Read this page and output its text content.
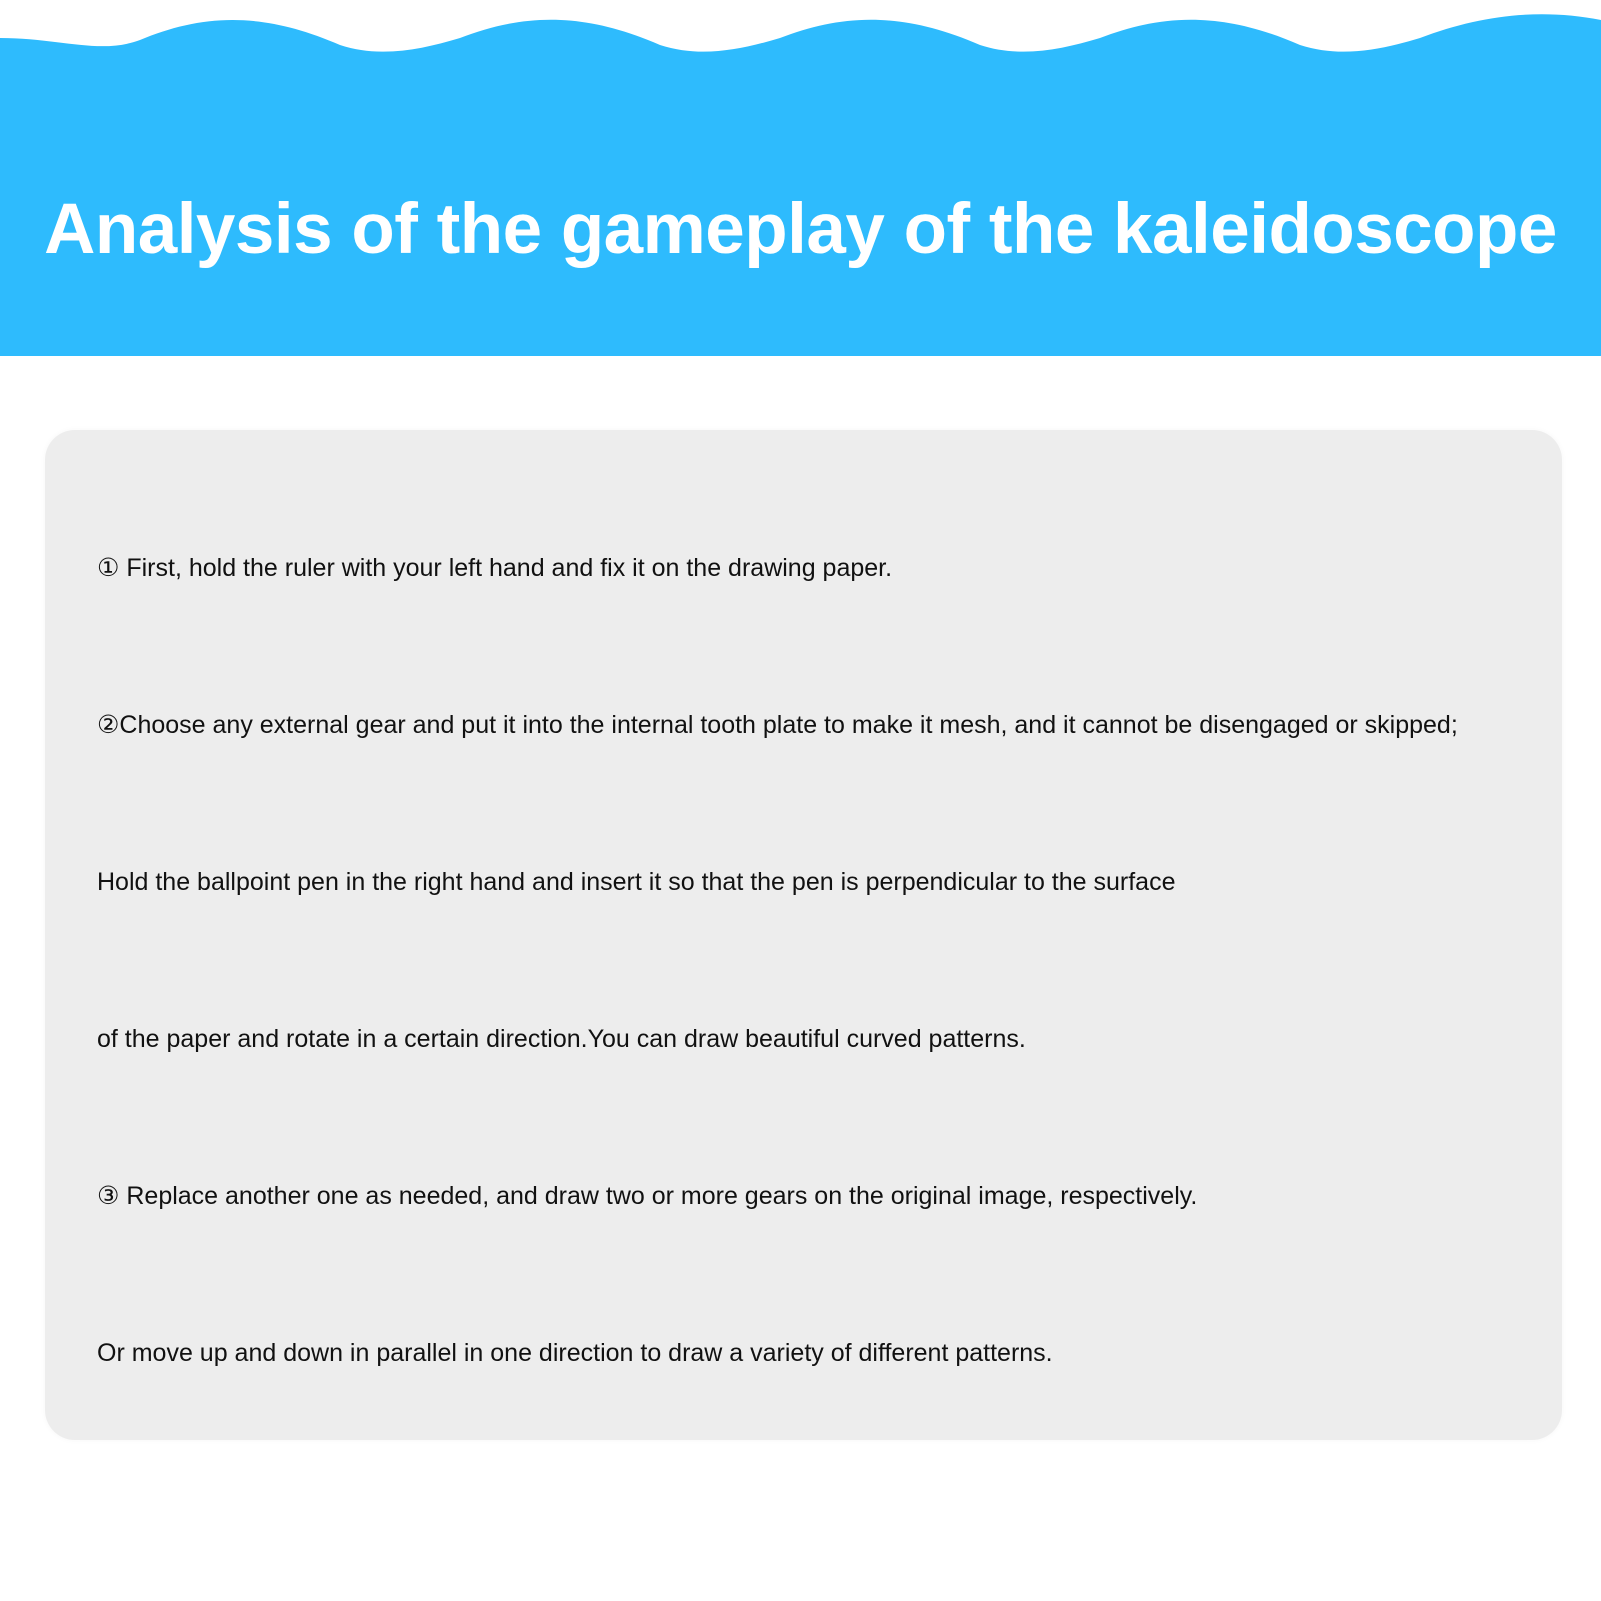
Analysis of the gameplay of the kaleidoscope
① First, hold the ruler with your left hand and fix it on the drawing paper.
②Choose any external gear and put it into the internal tooth plate to make it mesh, and it cannot be disengaged or skipped;
Hold the ballpoint pen in the right hand and insert it so that the pen is perpendicular to the surface
of the paper and rotate in a certain direction.You can draw beautiful curved patterns.
③ Replace another one as needed, and draw two or more gears on the original image, respectively.
Or move up and down in parallel in one direction to draw a variety of different patterns.
